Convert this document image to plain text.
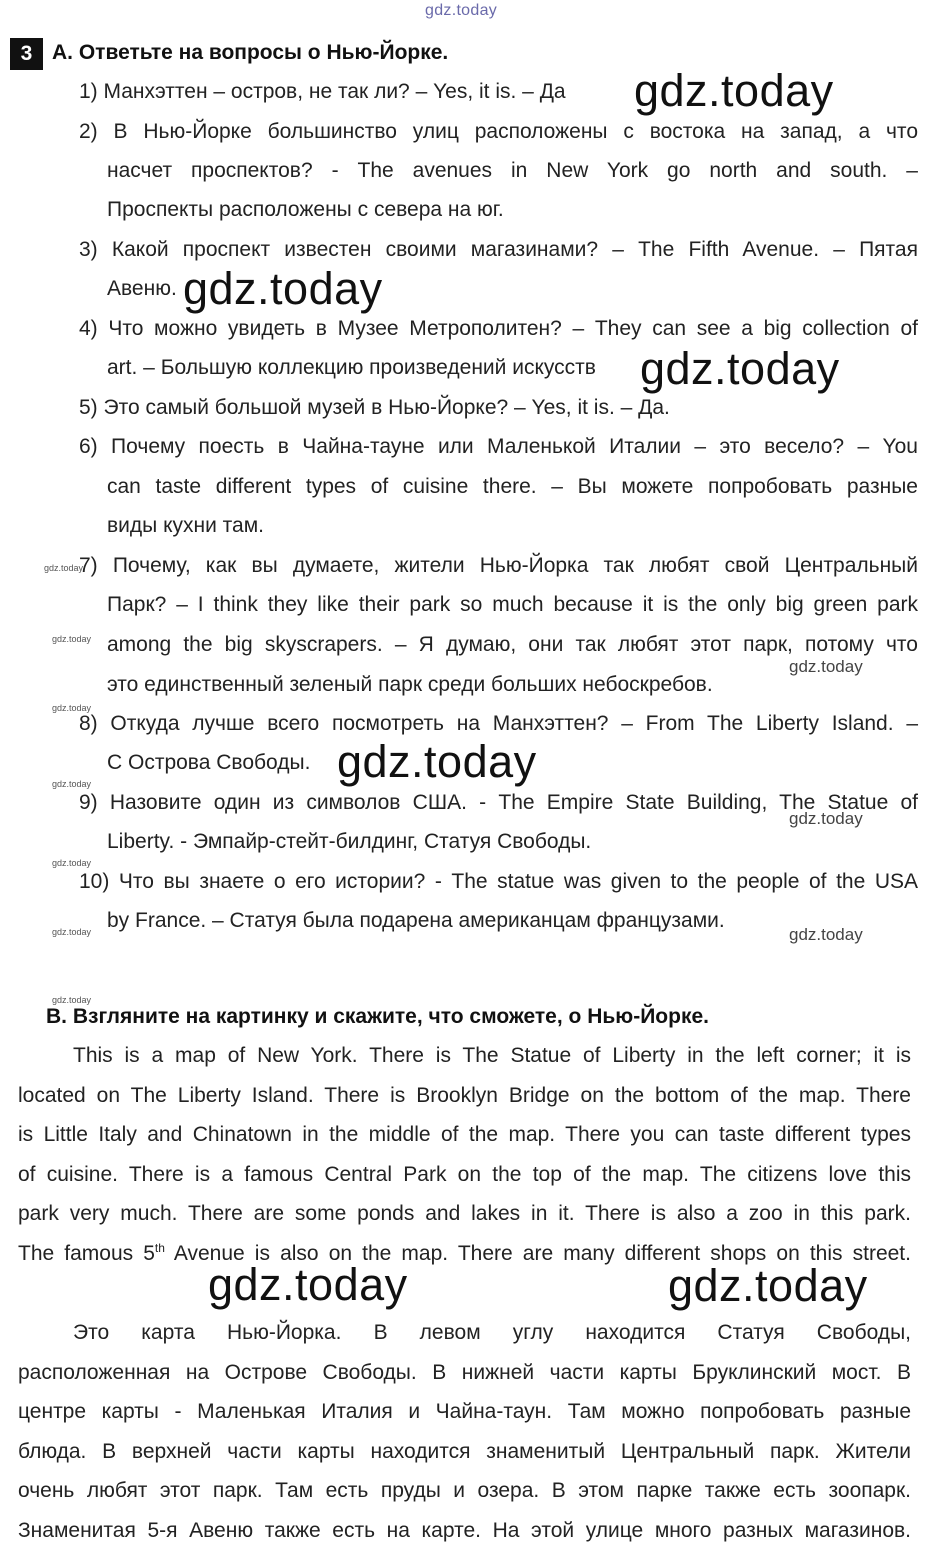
gdz.today
3 А. Ответьте на вопросы о Нью-Йорке.
1) Манхэттен – остров, не так ли? – Yes, it is. – Да
2) В Нью-Йорке большинство улиц расположены с востока на запад, а что
насчет проспектов? - The avenues in New York go north and south. –
Проспекты расположены с севера на юг.
3) Какой проспект известен своими магазинами? – The Fifth Avenue. – Пятая
Авеню.
4) Что можно увидеть в Музее Метрополитен? – They can see a big collection of
art. – Большую коллекцию произведений искусств
5) Это самый большой музей в Нью-Йорке? – Yes, it is. – Да.
6) Почему поесть в Чайна-тауне или Маленькой Италии – это весело? – You
can taste different types of cuisine there. – Вы можете попробовать разные
виды кухни там.
7) Почему, как вы думаете, жители Нью-Йорка так любят свой Центральный
Парк? – I think they like their park so much because it is the only big green park
among the big skyscrapers. – Я думаю, они так любят этот парк, потому что
это единственный зеленый парк среди больших небоскребов.
8) Откуда лучше всего посмотреть на Манхэттен? – From The Liberty Island. –
С Острова Свободы.
9) Назовите один из символов США. - The Empire State Building, The Statue of
Liberty. - Эмпайр-стейт-билдинг, Статуя Свободы.
10) Что вы знаете о его истории? - The statue was given to the people of the USA
by France. – Статуя была подарена американцам французами.
В. Взгляните на картинку и скажите, что сможете, о Нью-Йорке.
This is a map of New York. There is The Statue of Liberty in the left corner; it is
located on The Liberty Island. There is Brooklyn Bridge on the bottom of the map. There
is Little Italy and Chinatown in the middle of the map. There you can taste different types
of cuisine. There is a famous Central Park on the top of the map. The citizens love this
park very much. There are some ponds and lakes in it. There is also a zoo in this park.
The famous 5th Avenue is also on the map. There are many different shops on this street.
Это карта Нью-Йорка. В левом углу находится Статуя Свободы,
расположенная на Острове Свободы. В нижней части карты Бруклинский мост. В
центре карты - Маленькая Италия и Чайна-таун. Там можно попробовать разные
блюда. В верхней части карты находится знаменитый Центральный парк. Жители
очень любят этот парк. Там есть пруды и озера. В этом парке также есть зоопарк.
Знаменитая 5-я Авеню также есть на карте. На этой улице много разных магазинов.
gdz.today
gdz.today
gdz.today
gdz.today
gdz.today	gdz.today
gdz.today
gdz.today
gdz.today
gdz.today
gdz.today
gdz.today
gdz.today
gdz.today
gdz.today
gdz.today
